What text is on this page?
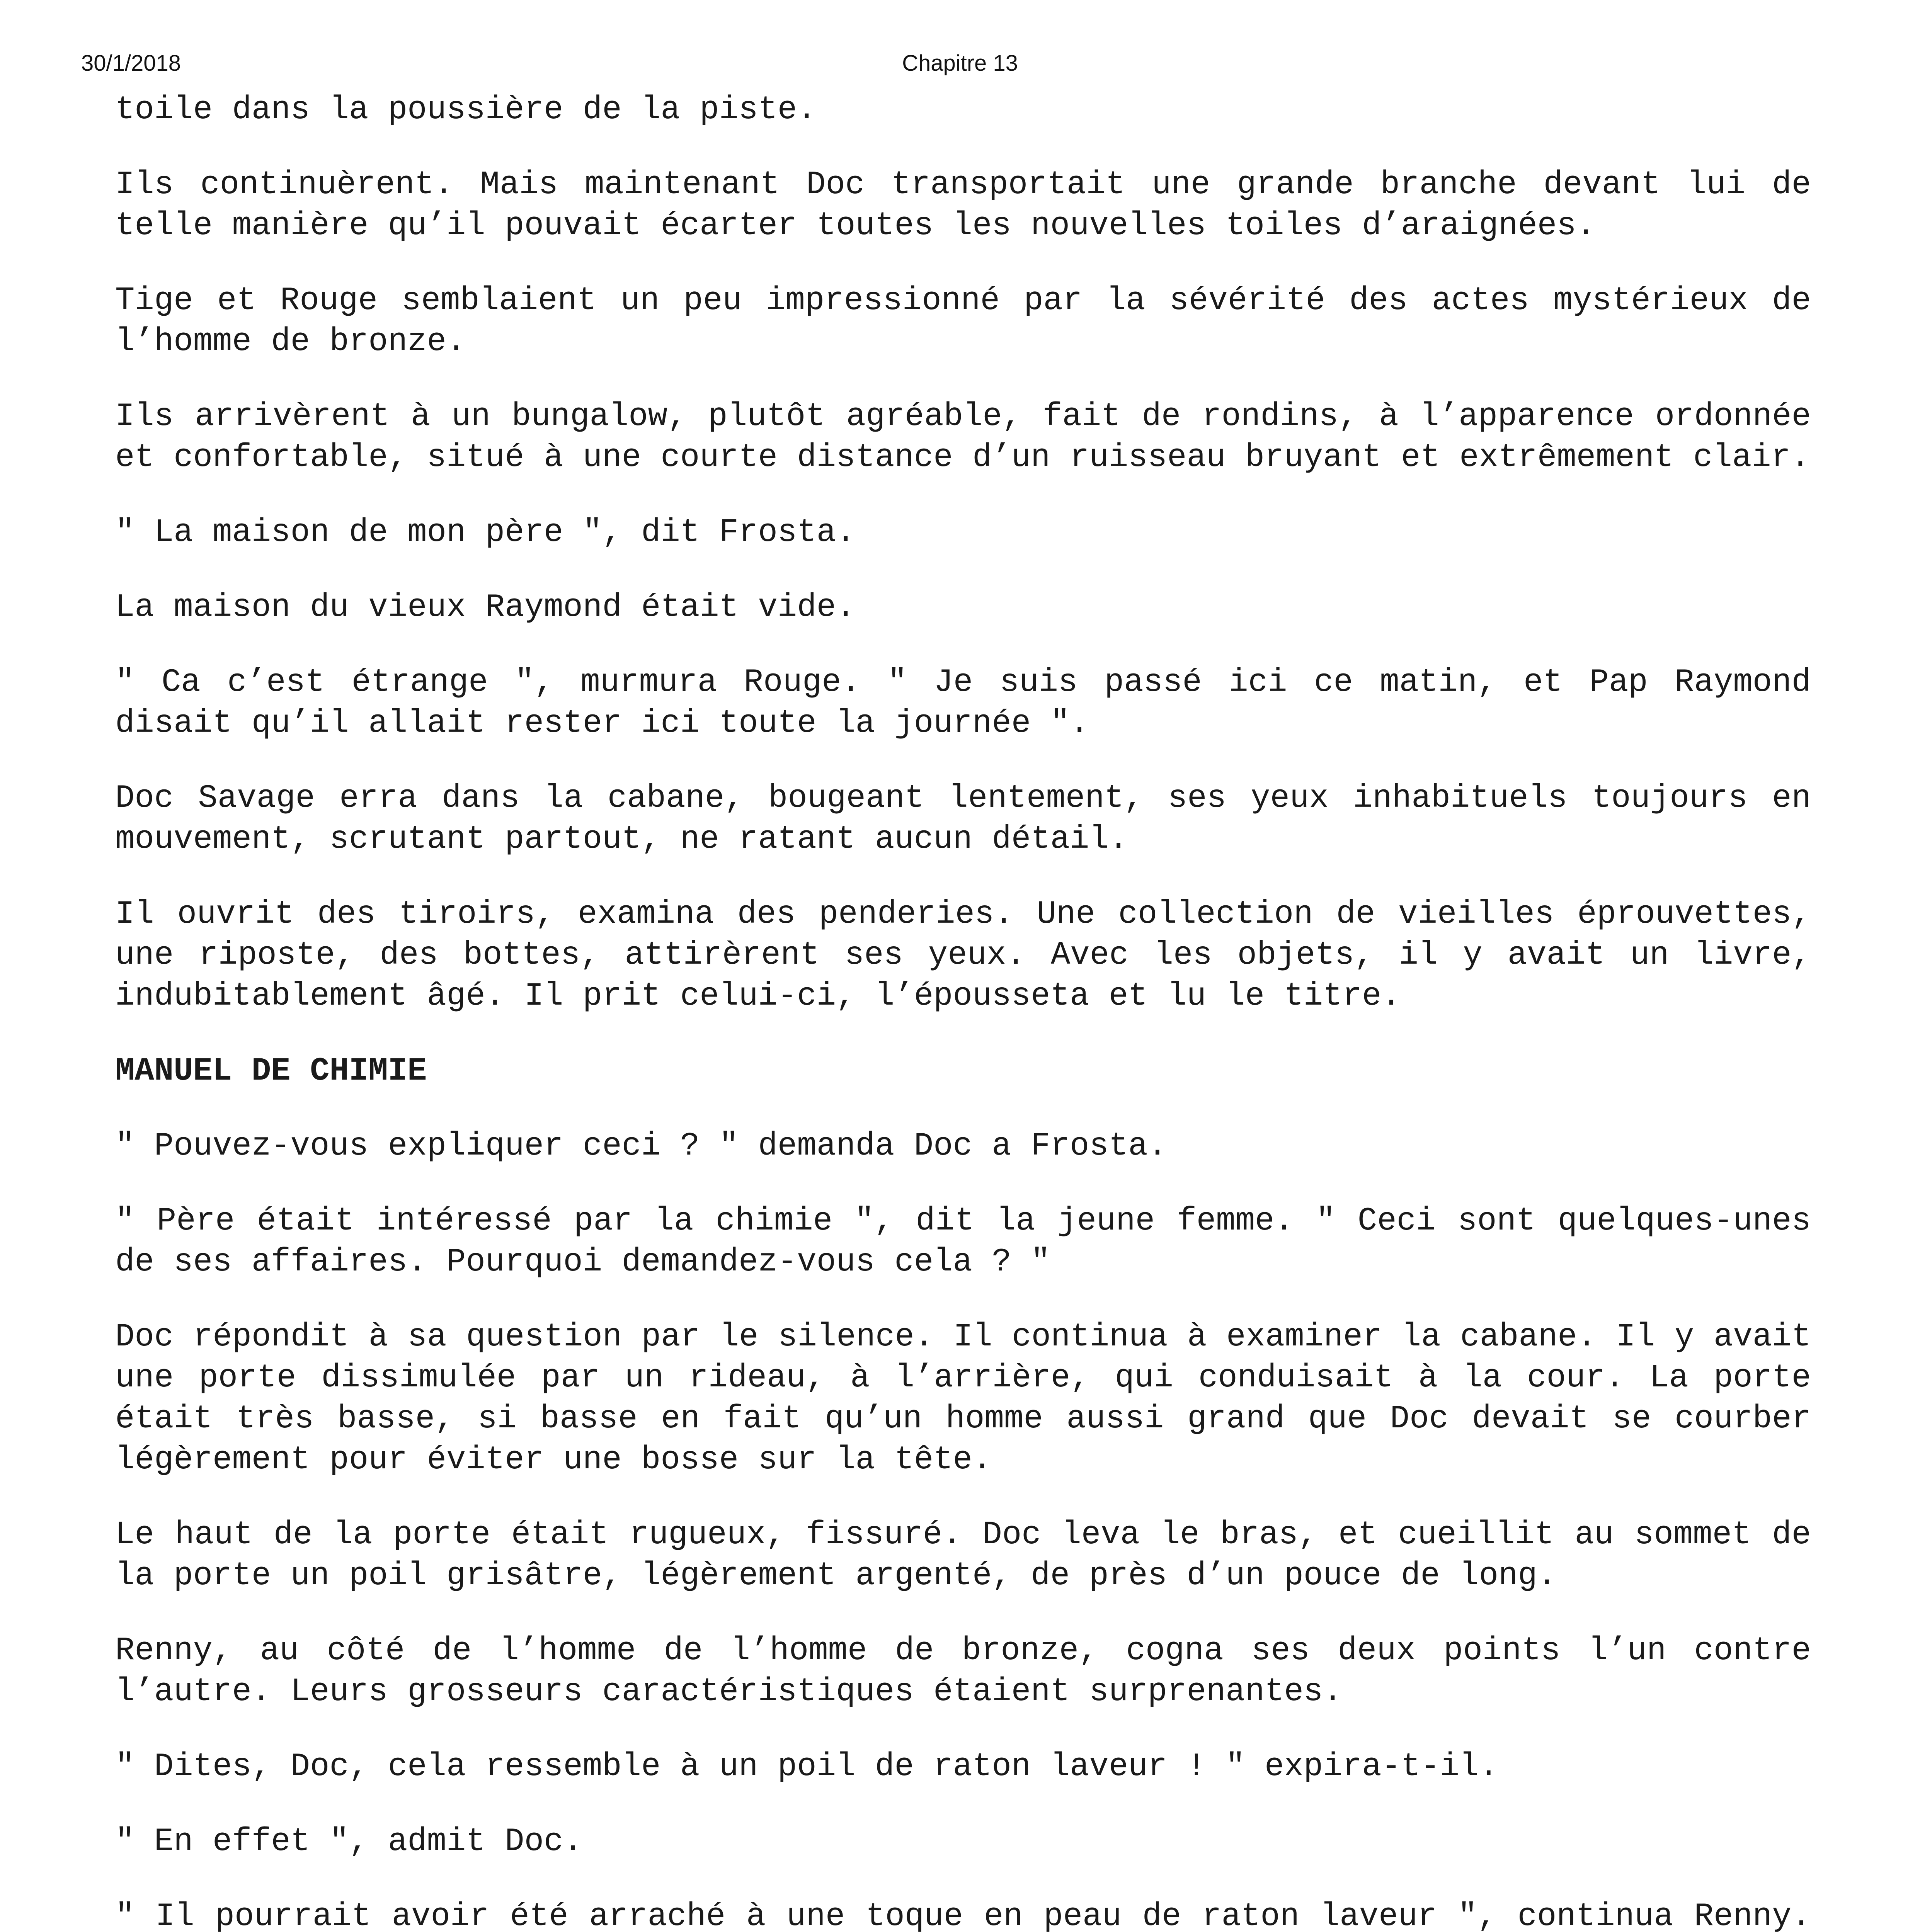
30/1/2018	Chapitre 13

toile dans la poussière de la piste.

Ils continuèrent. Mais maintenant Doc transportait une grande branche devant lui de telle manière qu’il pouvait écarter toutes les nouvelles toiles d’araignées.

Tige et Rouge semblaient un peu impressionné par la sévérité des actes mystérieux de l’homme de bronze.

Ils arrivèrent à un bungalow, plutôt agréable, fait de rondins, à l’apparence ordonnée et confortable, situé à une courte distance d’un ruisseau bruyant et extrêmement clair.

" La maison de mon père ", dit Frosta.

La maison du vieux Raymond était vide.

" Ca c’est étrange ", murmura Rouge. " Je suis passé ici ce matin, et Pap Raymond disait qu’il allait rester ici toute la journée ".

Doc Savage erra dans la cabane, bougeant lentement, ses yeux inhabituels toujours en mouvement, scrutant partout, ne ratant aucun détail.

Il ouvrit des tiroirs, examina des penderies. Une collection de vieilles éprouvettes, une riposte, des bottes, attirèrent ses yeux. Avec les objets, il y avait un livre, indubitablement âgé. Il prit celui-ci, l’épousseta et lu le titre.

MANUEL DE CHIMIE

" Pouvez-vous expliquer ceci ? " demanda Doc a Frosta.

" Père était intéressé par la chimie ", dit la jeune femme. " Ceci sont quelques-unes de ses affaires. Pourquoi demandez-vous cela ? "

Doc répondit à sa question par le silence. Il continua à examiner la cabane. Il y avait une porte dissimulée par un rideau, à l’arrière, qui conduisait à la cour. La porte était très basse, si basse en fait qu’un homme aussi grand que Doc devait se courber légèrement pour éviter une bosse sur la tête.

Le haut de la porte était rugueux, fissuré. Doc leva le bras, et cueillit au sommet de la porte un poil grisâtre, légèrement argenté, de près d’un pouce de long.

Renny, au côté de l’homme de l’homme de bronze, cogna ses deux points l’un contre l’autre. Leurs grosseurs caractéristiques étaient surprenantes.

" Dites, Doc, cela ressemble à un poil de raton laveur ! " expira-t-il.

" En effet ", admit Doc.

" Il pourrait avoir été arraché à une toque en peau de raton laveur ", continua Renny.
